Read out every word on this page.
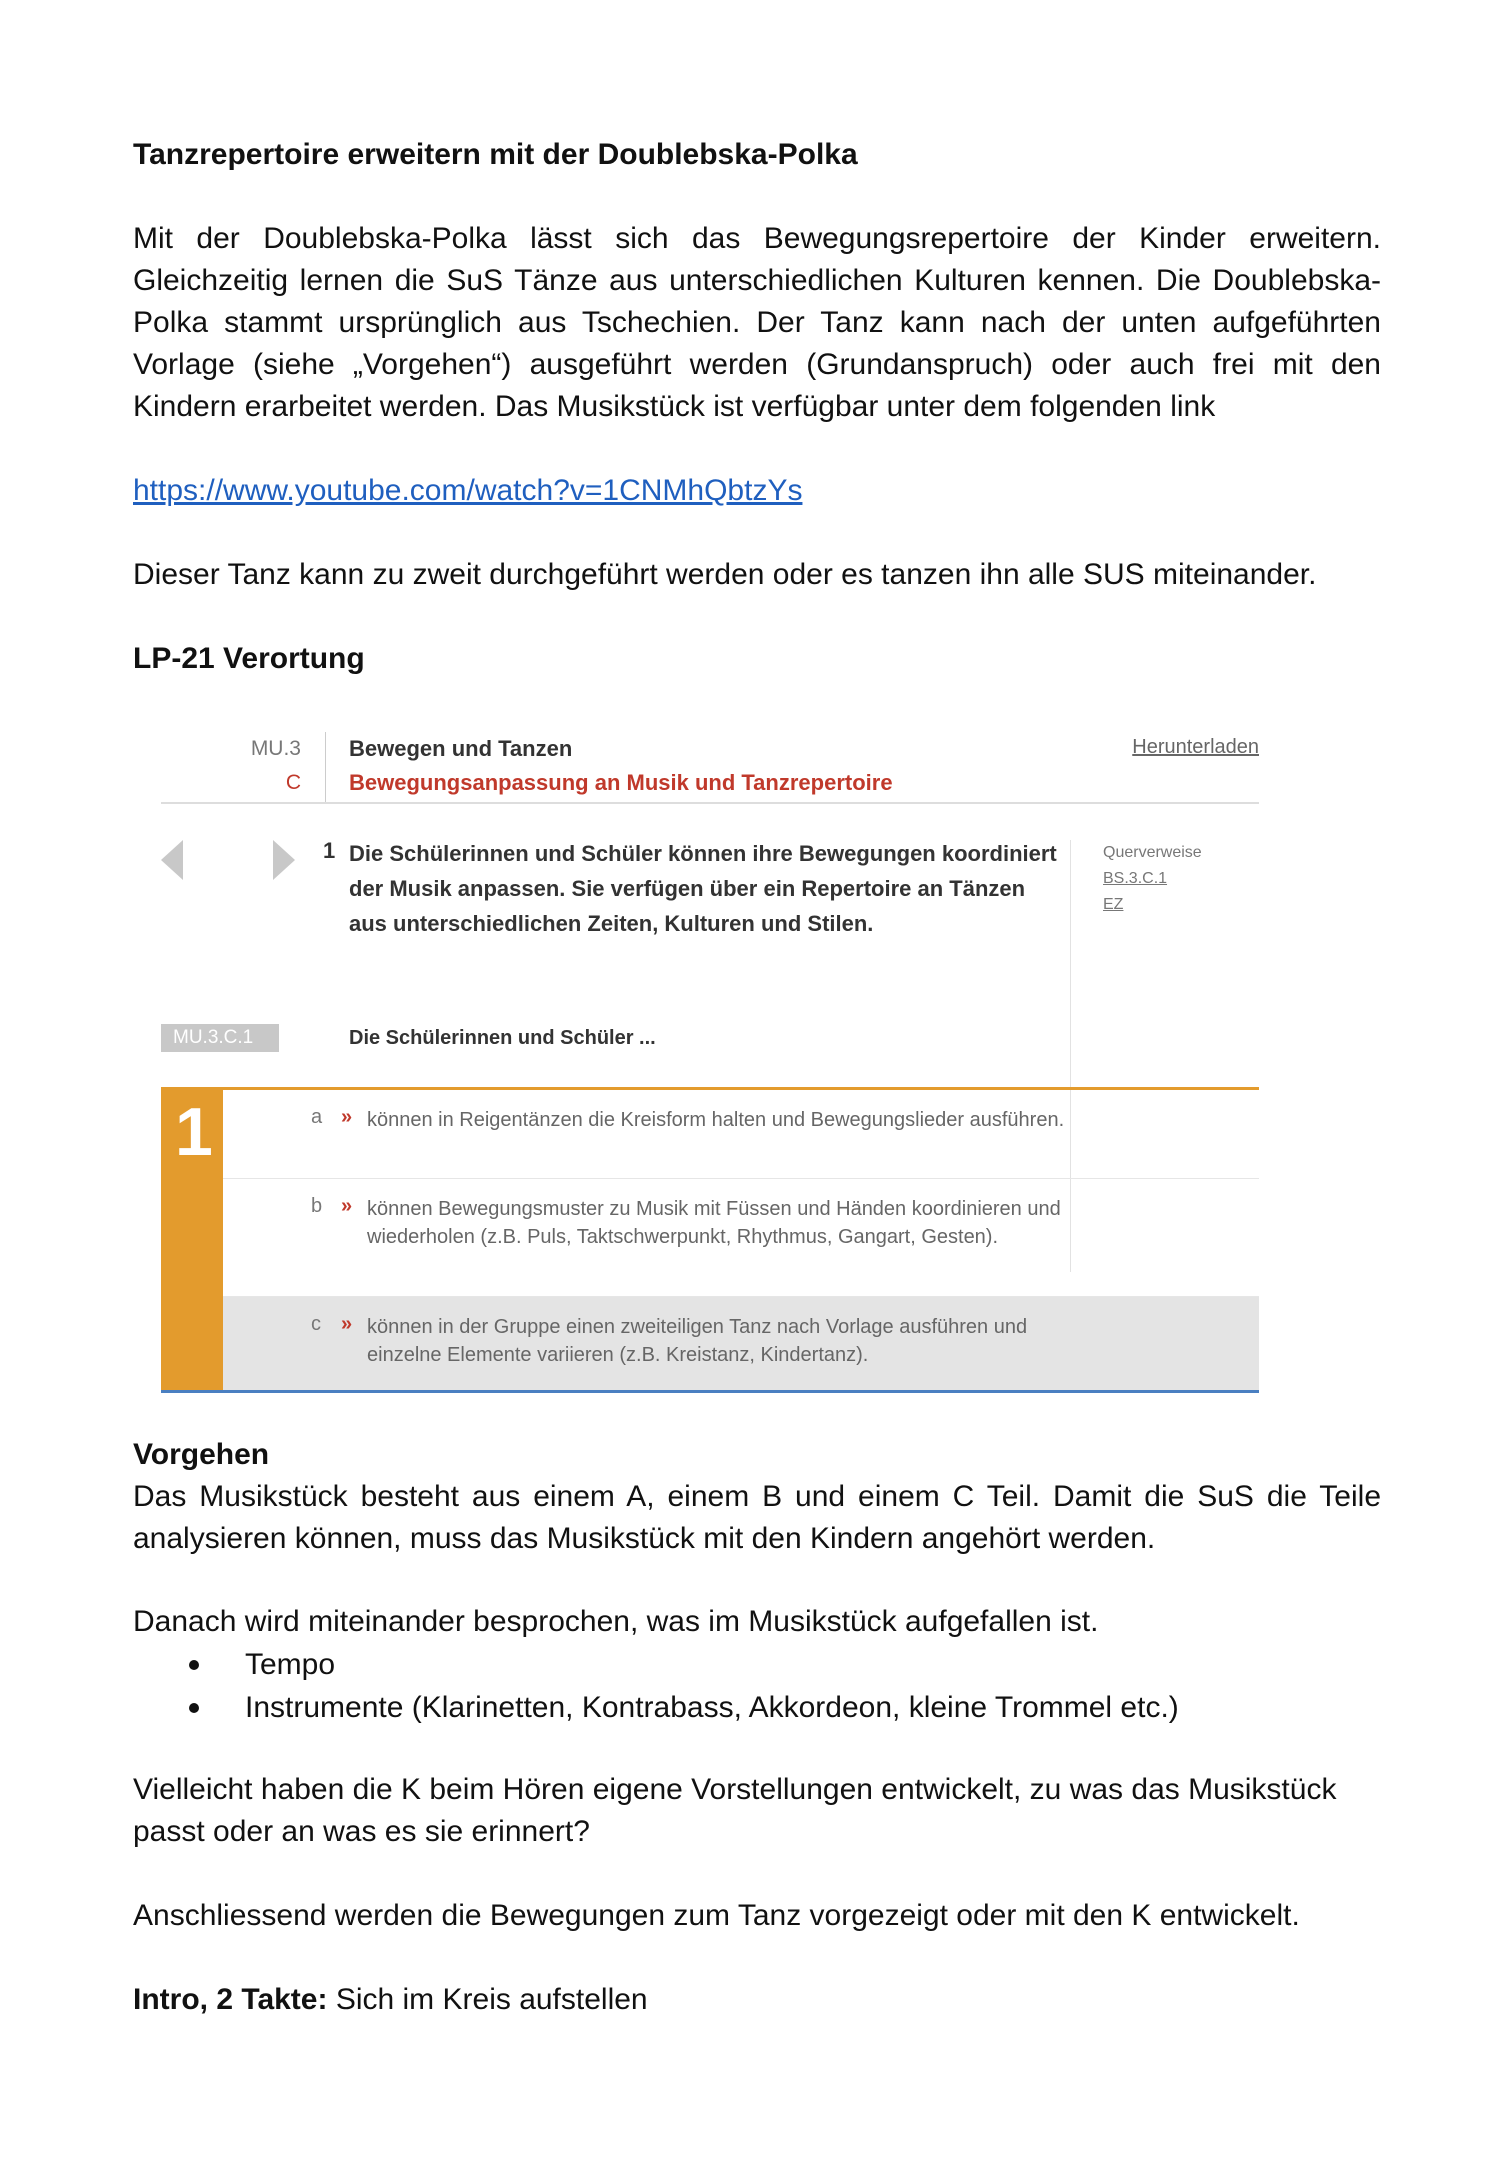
Tanzrepertoire erweitern mit der Doublebska-Polka

Mit der Doublebska-Polka lässt sich das Bewegungsrepertoire der Kinder erweitern. Gleichzeitig lernen die SuS Tänze aus unterschiedlichen Kulturen kennen. Die Doublebska-Polka stammt ursprünglich aus Tschechien. Der Tanz kann nach der unten aufgeführten Vorlage (siehe „Vorgehen“) ausgeführt werden (Grundanspruch) oder auch frei mit den Kindern erarbeitet werden. Das Musikstück ist verfügbar unter dem folgenden link

https://www.youtube.com/watch?v=1CNMhQbtzYs

Dieser Tanz kann zu zweit durchgeführt werden oder es tanzen ihn alle SUS miteinander.

LP-21 Verortung

Vorgehen

Das Musikstück besteht aus einem A, einem B und einem C Teil. Damit die SuS die Teile analysieren können, muss das Musikstück mit den Kindern angehört werden.

Danach wird miteinander besprochen, was im Musikstück aufgefallen ist.

Tempo
Instrumente (Klarinetten, Kontrabass, Akkordeon, kleine Trommel etc.)

Vielleicht haben die K beim Hören eigene Vorstellungen entwickelt, zu was das Musikstück passt oder an was es sie erinnert?

Anschliessend werden die Bewegungen zum Tanz vorgezeigt oder mit den K entwickelt.

Intro, 2 Takte: Sich im Kreis aufstellen

MU.3
C
Bewegen und Tanzen
Bewegungsanpassung an Musik und Tanzrepertoire
Herunterladen
1 Die Schülerinnen und Schüler können ihre Bewegungen koordiniert der Musik anpassen. Sie verfügen über ein Repertoire an Tänzen aus unterschiedlichen Zeiten, Kulturen und Stilen.
Querverweise
BS.3.C.1
EZ
MU.3.C.1	Die Schülerinnen und Schüler ...
1	a » können in Reigentänzen die Kreisform halten und Bewegungslieder ausführen.
b » können Bewegungsmuster zu Musik mit Füssen und Händen koordinieren und wiederholen (z.B. Puls, Taktschwerpunkt, Rhythmus, Gangart, Gesten).
c » können in der Gruppe einen zweiteiligen Tanz nach Vorlage ausführen und einzelne Elemente variieren (z.B. Kreistanz, Kindertanz).
